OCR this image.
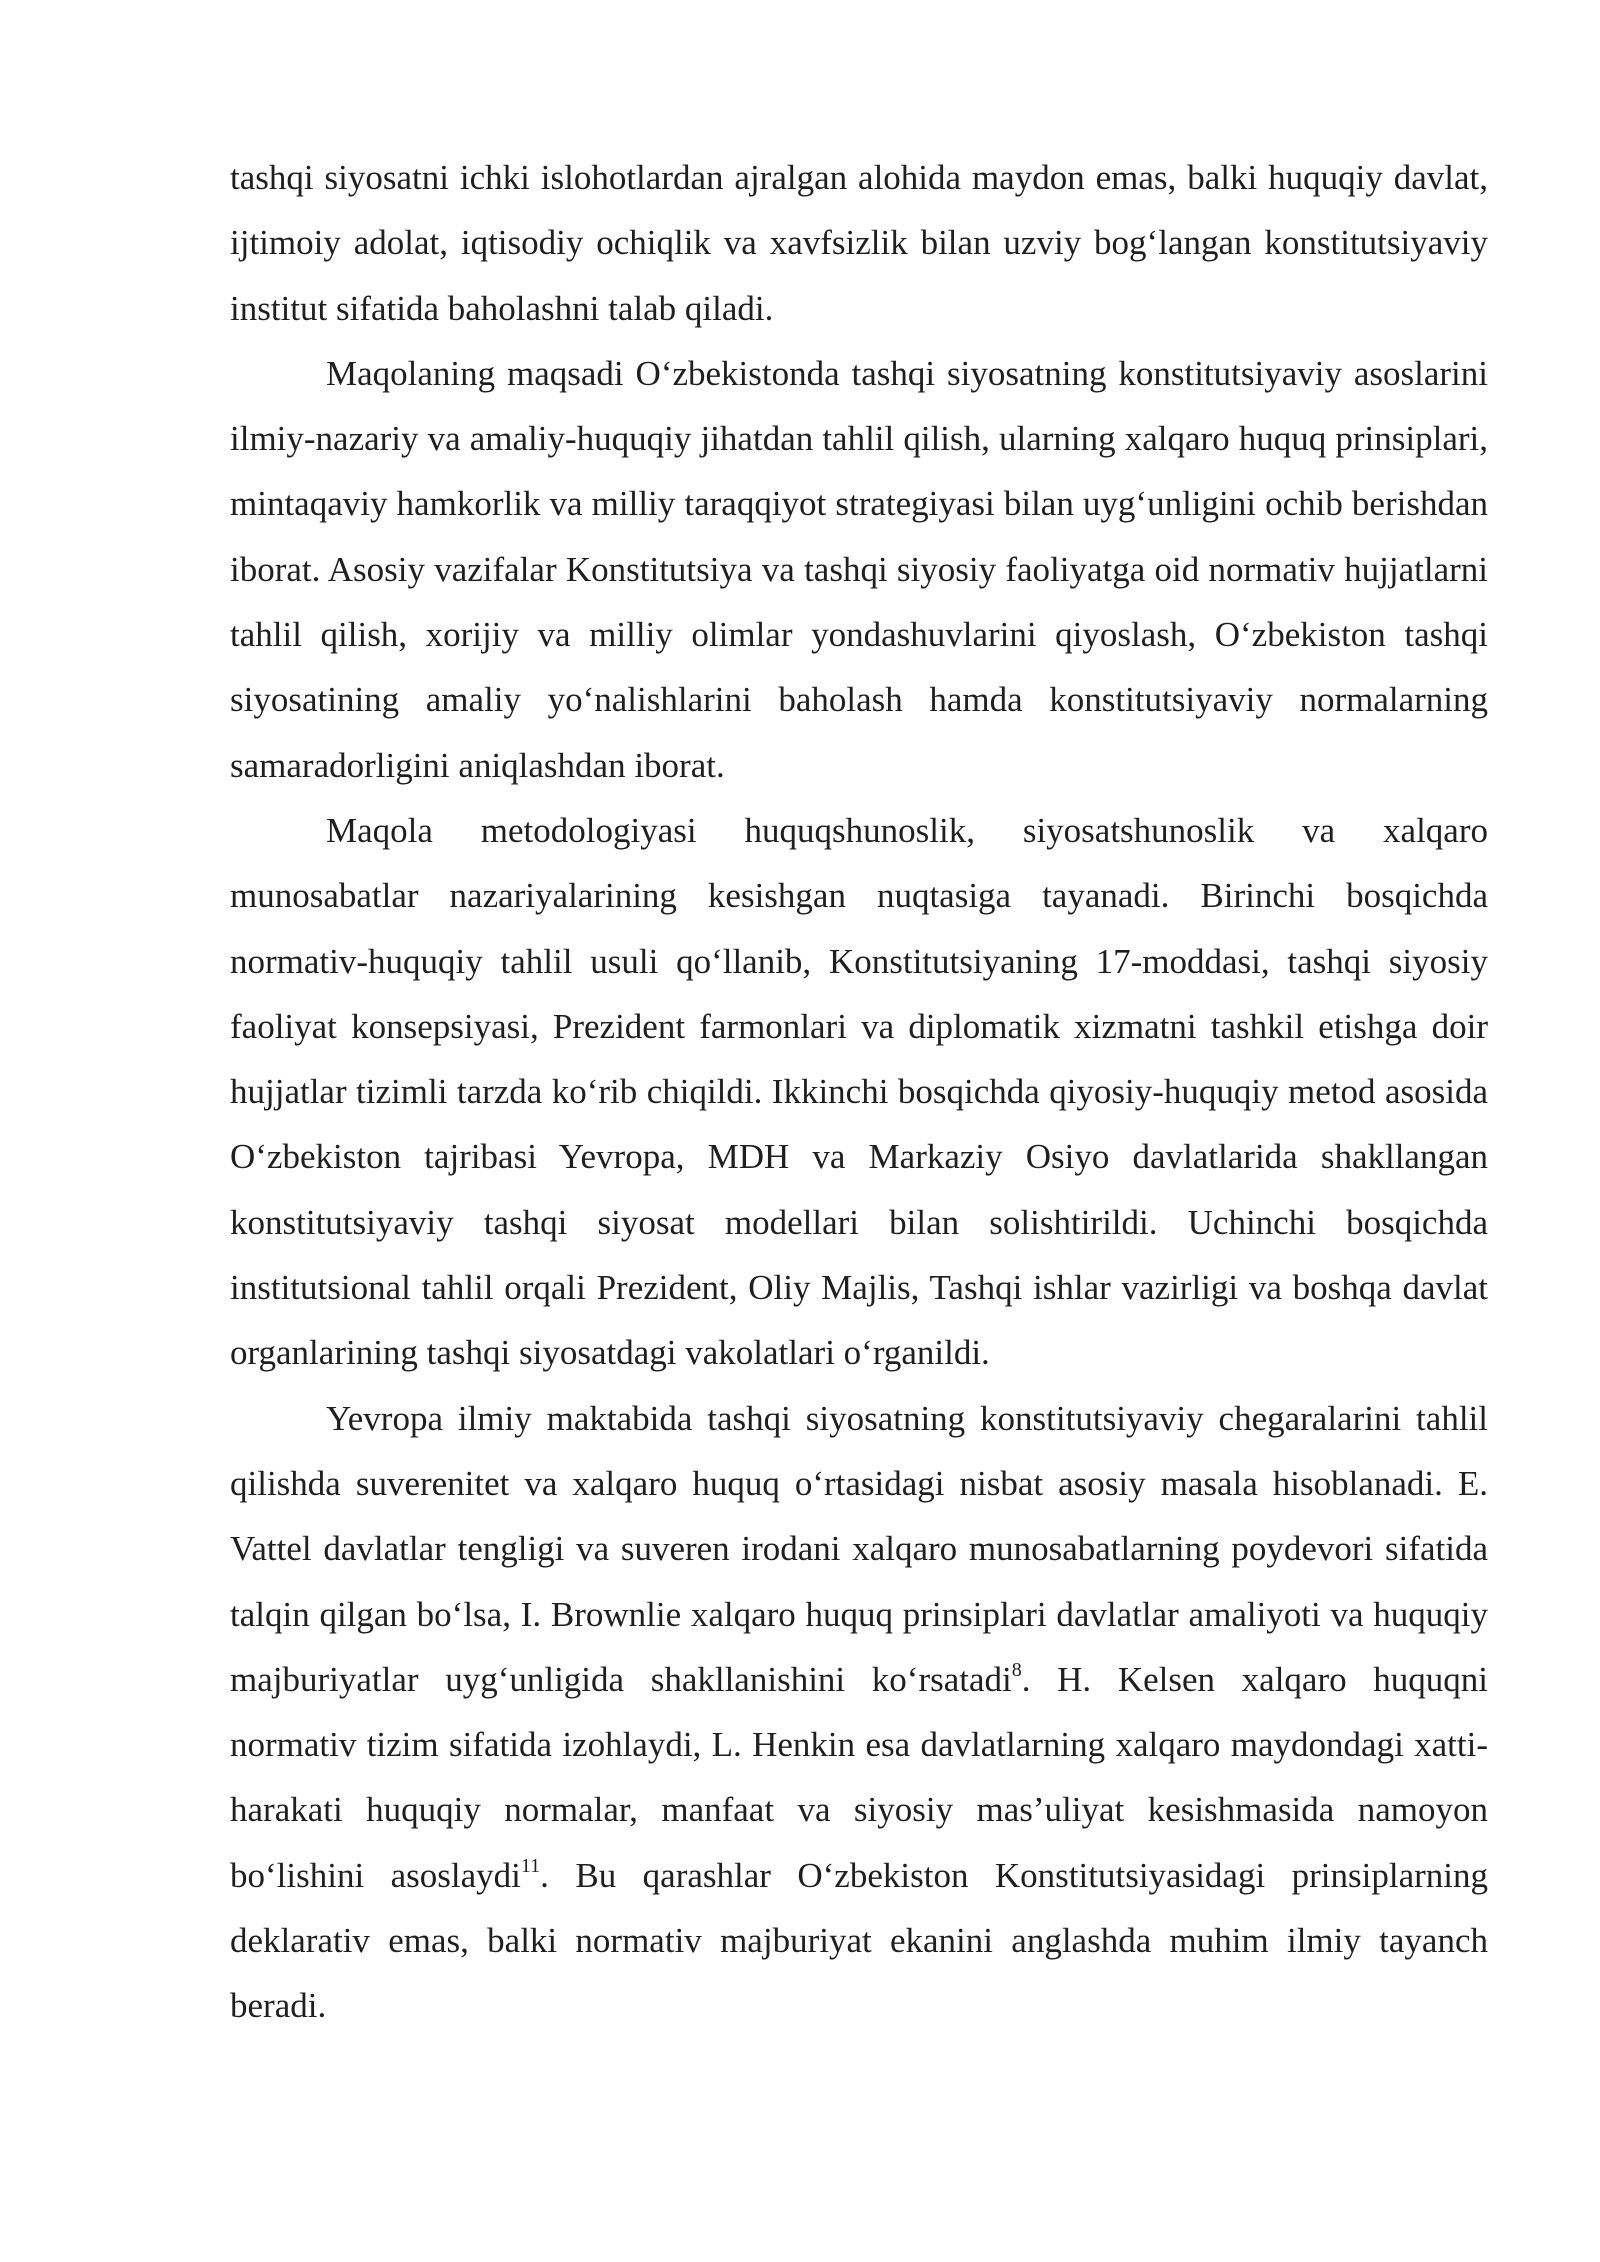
tashqi siyosatni ichki islohotlardan ajralgan alohida maydon emas, balki huquqiy davlat, ijtimoiy adolat, iqtisodiy ochiqlik va xavfsizlik bilan uzviy bog‘langan konstitutsiyaviy institut sifatida baholashni talab qiladi.

Maqolaning maqsadi O‘zbekistonda tashqi siyosatning konstitutsiyaviy asoslarini ilmiy-nazariy va amaliy-huquqiy jihatdan tahlil qilish, ularning xalqaro huquq prinsiplari, mintaqaviy hamkorlik va milliy taraqqiyot strategiyasi bilan uyg‘unligini ochib berishdan iborat. Asosiy vazifalar Konstitutsiya va tashqi siyosiy faoliyatga oid normativ hujjatlarni tahlil qilish, xorijiy va milliy olimlar yondashuvlarini qiyoslash, O‘zbekiston tashqi siyosatining amaliy yo‘nalishlarini baholash hamda konstitutsiyaviy normalarning samaradorligini aniqlashdan iborat.

Maqola metodologiyasi huquqshunoslik, siyosatshunoslik va xalqaro munosabatlar nazariyalarining kesishgan nuqtasiga tayanadi. Birinchi bosqichda normativ-huquqiy tahlil usuli qo‘llanib, Konstitutsiyaning 17-moddasi, tashqi siyosiy faoliyat konsepsiyasi, Prezident farmonlari va diplomatik xizmatni tashkil etishga doir hujjatlar tizimli tarzda ko‘rib chiqildi. Ikkinchi bosqichda qiyosiy-huquqiy metod asosida O‘zbekiston tajribasi Yevropa, MDH va Markaziy Osiyo davlatlarida shakllangan konstitutsiyaviy tashqi siyosat modellari bilan solishtirildi. Uchinchi bosqichda institutsional tahlil orqali Prezident, Oliy Majlis, Tashqi ishlar vazirligi va boshqa davlat organlarining tashqi siyosatdagi vakolatlari o‘rganildi.

Yevropa ilmiy maktabida tashqi siyosatning konstitutsiyaviy chegaralarini tahlil qilishda suverenitet va xalqaro huquq o‘rtasidagi nisbat asosiy masala hisoblanadi. E. Vattel davlatlar tengligi va suveren irodani xalqaro munosabatlarning poydevori sifatida talqin qilgan bo‘lsa, I. Brownlie xalqaro huquq prinsiplari davlatlar amaliyoti va huquqiy majburiyatlar uyg‘unligida shakllanishini ko‘rsatadi$^8$. H. Kelsen xalqaro huquqni normativ tizim sifatida izohlaydi, L. Henkin esa davlatlarning xalqaro maydondagi xatti-harakati huquqiy normalar, manfaat va siyosiy mas’uliyat kesishmasida namoyon bo‘lishini asoslaydi$^{11}$. Bu qarashlar O‘zbekiston Konstitutsiyasidagi prinsiplarning deklarativ emas, balki normativ majburiyat ekanini anglashda muhim ilmiy tayanch beradi.
